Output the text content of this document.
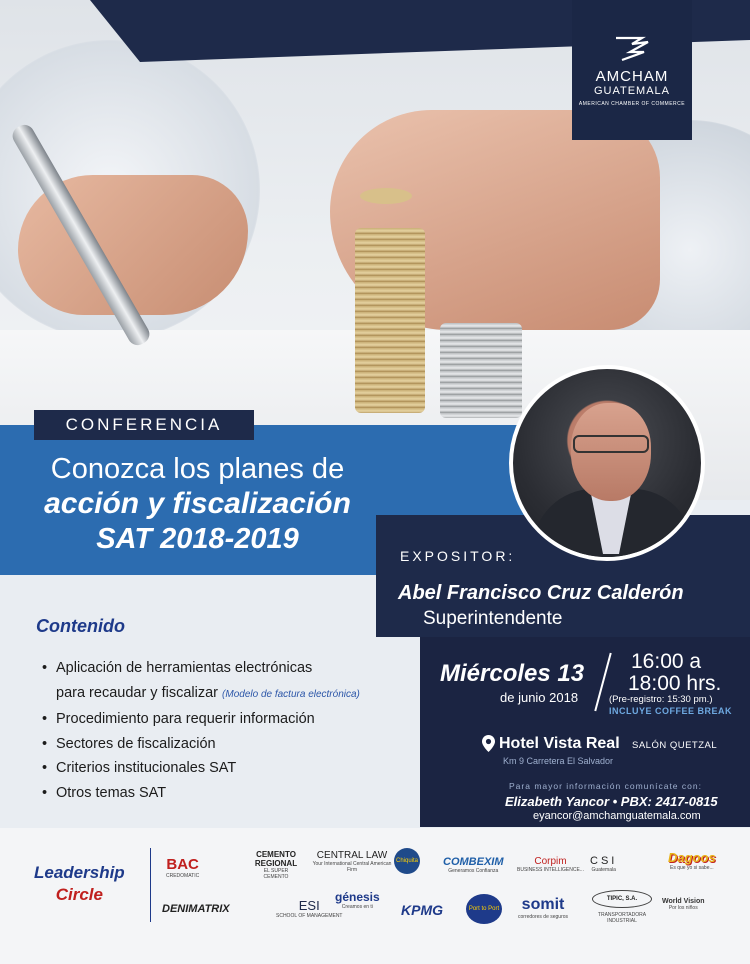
AMCHAM
GUATEMALA
AMERICAN CHAMBER OF COMMERCE
CONFERENCIA
Conozca los planes de
acción y fiscalización
SAT 2018-2019
EXPOSITOR:
Abel Francisco Cruz Calderón
Superintendente
Contenido
• Aplicación de herramientas electrónicas
para recaudar y fiscalizar (Modelo de factura electrónica)
• Procedimiento para requerir información
• Sectores de fiscalización
• Criterios institucionales SAT
• Otros temas SAT
Miércoles 13
de junio 2018
16:00 a
18:00 hrs.
(Pre-registro: 15:30 pm.)
INCLUYE COFFEE BREAK
Hotel Vista Real SALÓN QUETZAL
Km 9 Carretera El Salvador
Para mayor información comunícate con:
Elizabeth Yancor • PBX: 2417-0815
eyancor@amchamguatemala.com
Leadership
Circle
BAC
CREDOMATIC
CEMENTO REGIONAL
EL SUPER CEMENTO
CENTRAL LAW
Your International Central American Firm
Chiquita COMBEXIM
Generamos Confianza
Corpim
BUSINESS INTELLIGENCE...
CSI
Guatemala
Dagoos
Es que yo si sabe...
DENIMATRIX	ESI
SCHOOL OF MANAGEMENT
génesis
Creamos en ti	KPMG	Port to Port somit
corredores de seguros
TIPIC, S.A.
TRANSPORTADORA INDUSTRIAL
World Vision
Por los niños
